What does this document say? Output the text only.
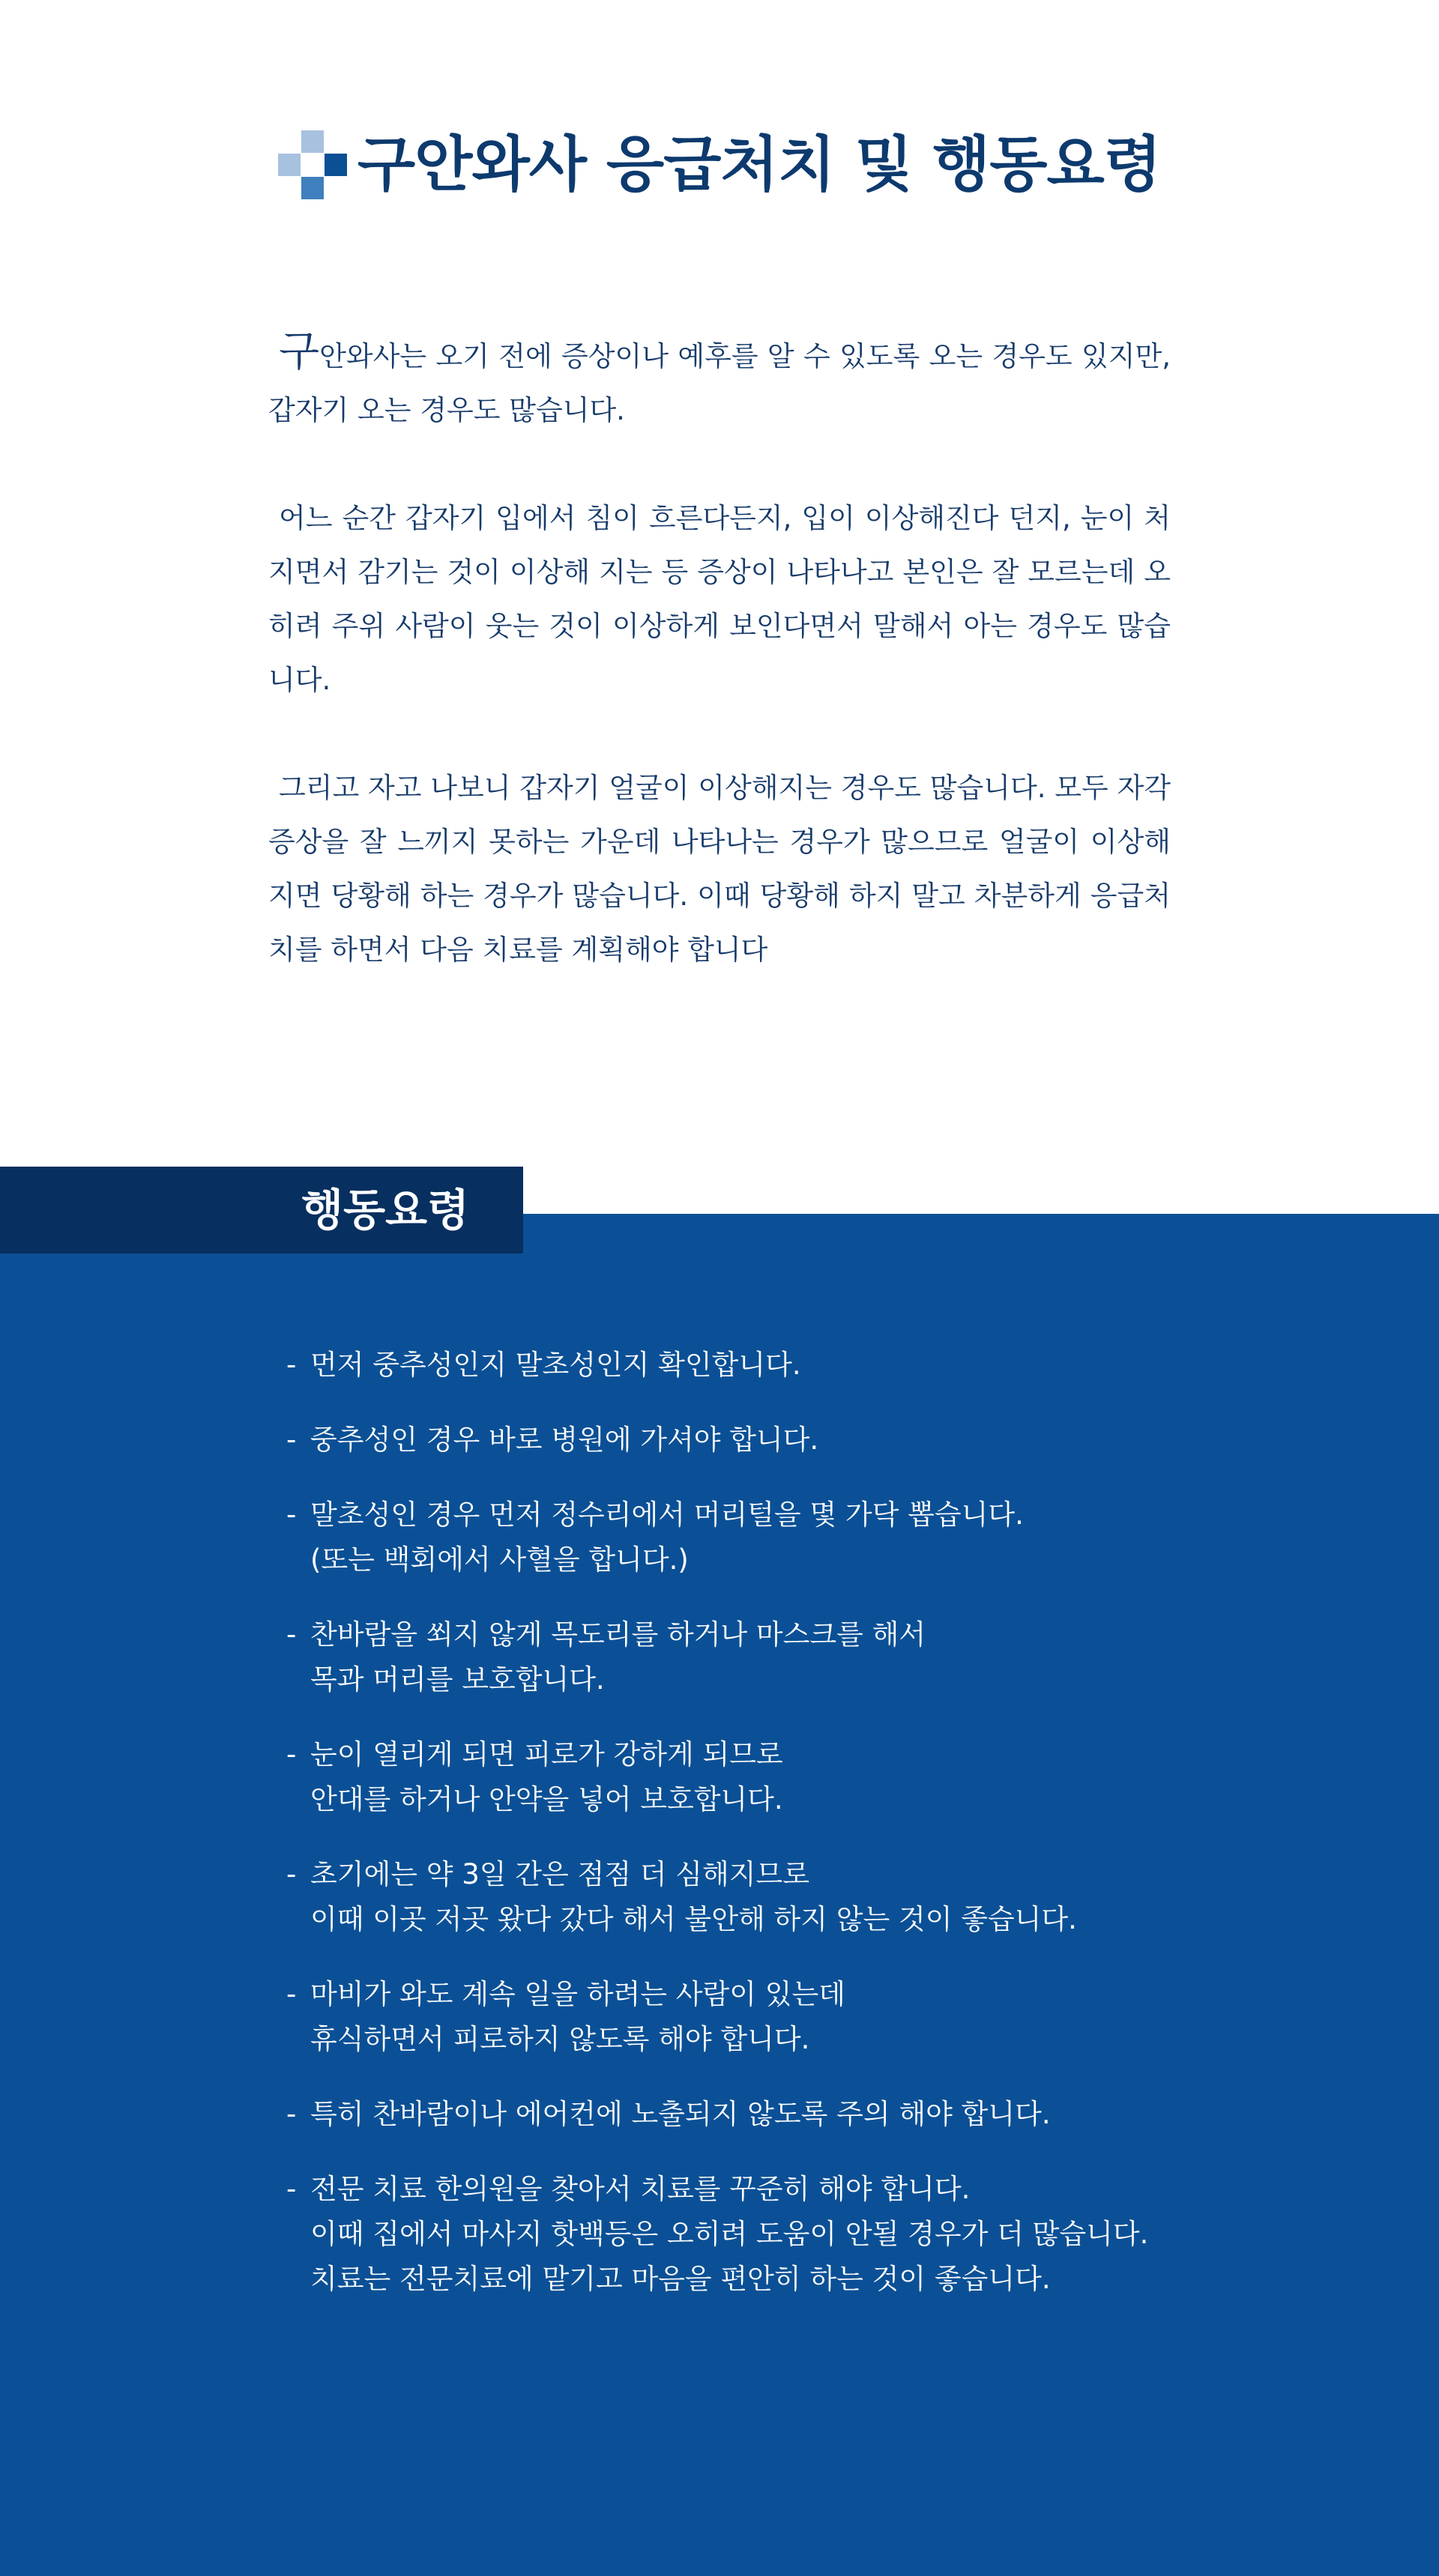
구안와사 응급처치 및 행동요령

구안와사는 오기 전에 증상이나 예후를 알 수 있도록 오는 경우도 있지만, 갑자기 오는 경우도 많습니다.

어느 순간 갑자기 입에서 침이 흐른다든지, 입이 이상해진다 던지, 눈이 처지면서 감기는 것이 이상해 지는 등 증상이 나타나고 본인은 잘 모르는데 오히려 주위 사람이 웃는 것이 이상하게 보인다면서 말해서 아는 경우도 많습니다.

그리고 자고 나보니 갑자기 얼굴이 이상해지는 경우도 많습니다. 모두 자각 증상을 잘 느끼지 못하는 가운데 나타나는 경우가 많으므로 얼굴이 이상해 지면 당황해 하는 경우가 많습니다. 이때 당황해 하지 말고 차분하게 응급처치를 하면서 다음 치료를 계획해야 합니다

행동요령
- 먼저 중추성인지 말초성인지 확인합니다.
- 중추성인 경우 바로 병원에 가셔야 합니다.
- 말초성인 경우 먼저 정수리에서 머리털을 몇 가닥 뽑습니다.
(또는 백회에서 사혈을 합니다.)
- 찬바람을 쐬지 않게 목도리를 하거나 마스크를 해서
목과 머리를 보호합니다.
- 눈이 열리게 되면 피로가 강하게 되므로
안대를 하거나 안약을 넣어 보호합니다.
- 초기에는 약 3일 간은 점점 더 심해지므로
이때 이곳 저곳 왔다 갔다 해서 불안해 하지 않는 것이 좋습니다.
- 마비가 와도 계속 일을 하려는 사람이 있는데
휴식하면서 피로하지 않도록 해야 합니다.
- 특히 찬바람이나 에어컨에 노출되지 않도록 주의 해야 합니다.
- 전문 치료 한의원을 찾아서 치료를 꾸준히 해야 합니다.
이때 집에서 마사지 핫백등은 오히려 도움이 안될 경우가 더 많습니다.
치료는 전문치료에 맡기고 마음을 편안히 하는 것이 좋습니다.
